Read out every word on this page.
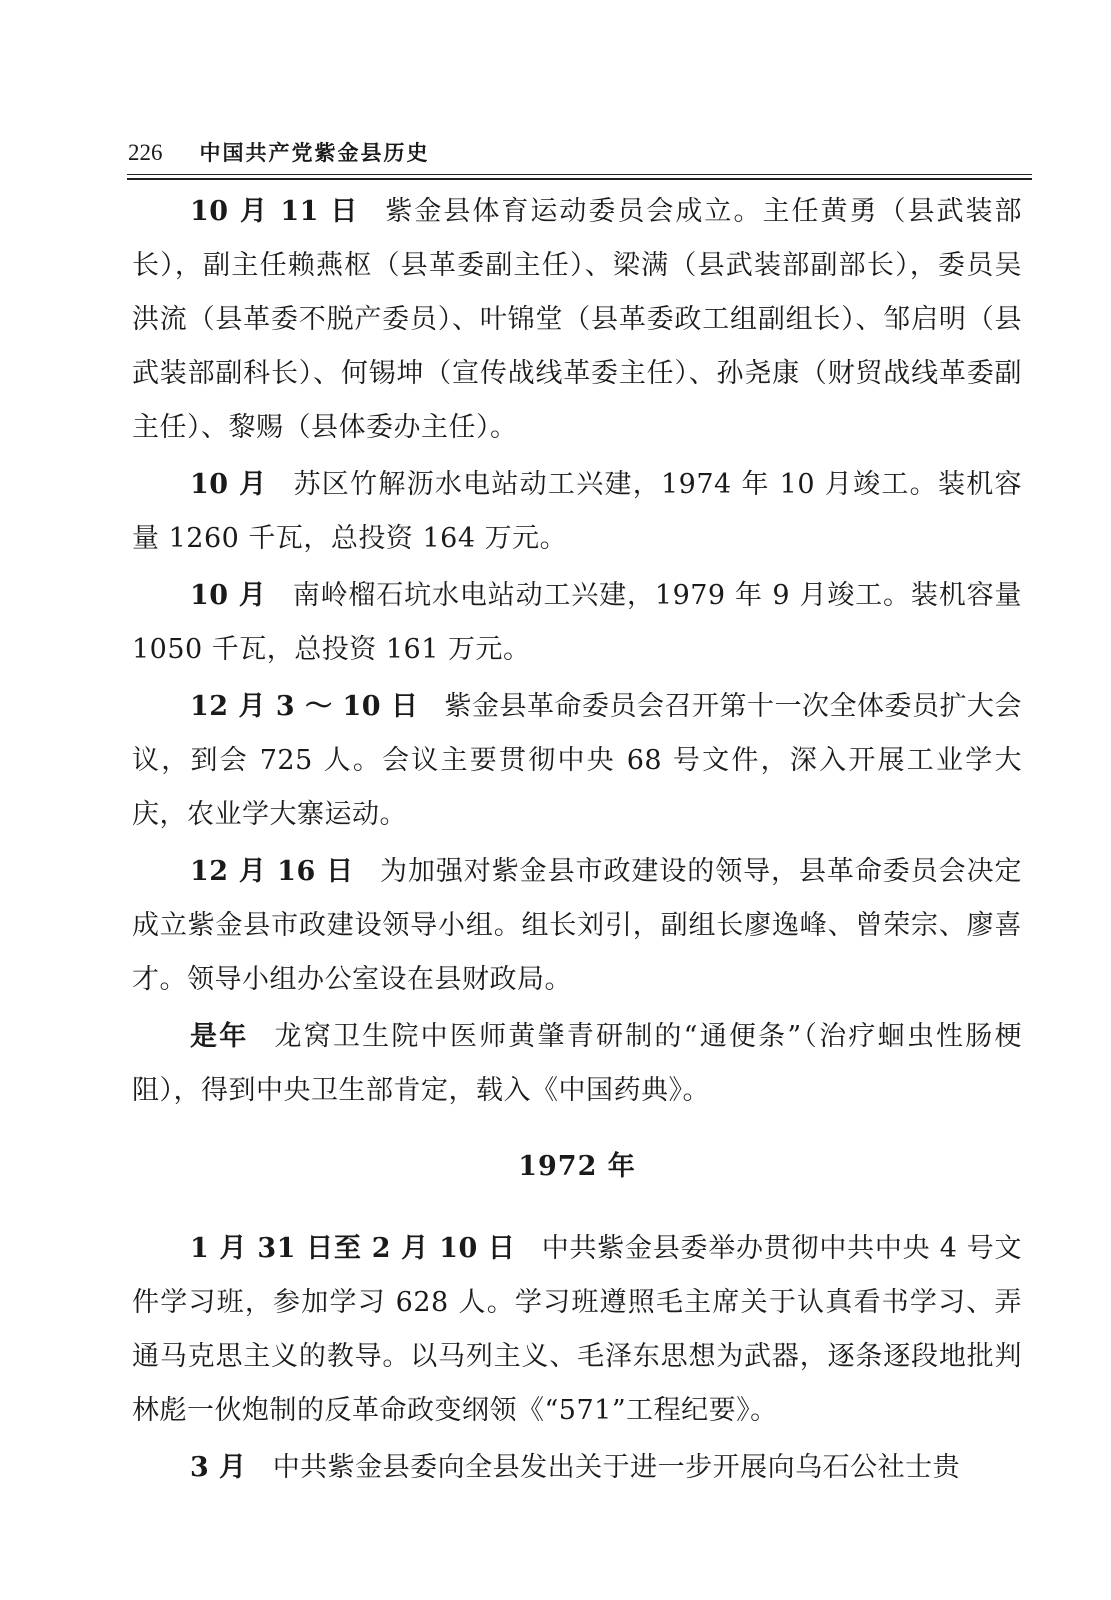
226 中国共产党紫金县历史

10 月 11 日 紫金县体育运动委员会成立。主任黄勇（县武装部长），副主任赖燕枢（县革委副主任）、梁满（县武装部副部长），委员吴洪流（县革委不脱产委员）、叶锦堂（县革委政工组副组长）、邹启明（县武装部副科长）、何锡坤（宣传战线革委主任）、孙尧康（财贸战线革委副主任）、黎赐（县体委办主任）。

10 月 苏区竹解沥水电站动工兴建，1974 年 10 月竣工。装机容量 1260 千瓦，总投资 164 万元。

10 月 南岭榴石坑水电站动工兴建，1979 年 9 月竣工。装机容量 1050 千瓦，总投资 161 万元。

12 月 3 ～ 10 日 紫金县革命委员会召开第十一次全体委员扩大会议，到会 725 人。会议主要贯彻中央 68 号文件，深入开展工业学大庆，农业学大寨运动。

12 月 16 日 为加强对紫金县市政建设的领导，县革命委员会决定成立紫金县市政建设领导小组。组长刘引，副组长廖逸峰、曾荣宗、廖喜才。领导小组办公室设在县财政局。

是年 龙窝卫生院中医师黄肇青研制的“通便条”（治疗蛔虫性肠梗阻），得到中央卫生部肯定，载入《中国药典》。

1972 年

1 月 31 日至 2 月 10 日 中共紫金县委举办贯彻中共中央 4 号文件学习班，参加学习 628 人。学习班遵照毛主席关于认真看书学习、弄通马克思主义的教导。以马列主义、毛泽东思想为武器，逐条逐段地批判林彪一伙炮制的反革命政变纲领《“571”工程纪要》。

3 月 中共紫金县委向全县发出关于进一步开展向乌石公社士贵
